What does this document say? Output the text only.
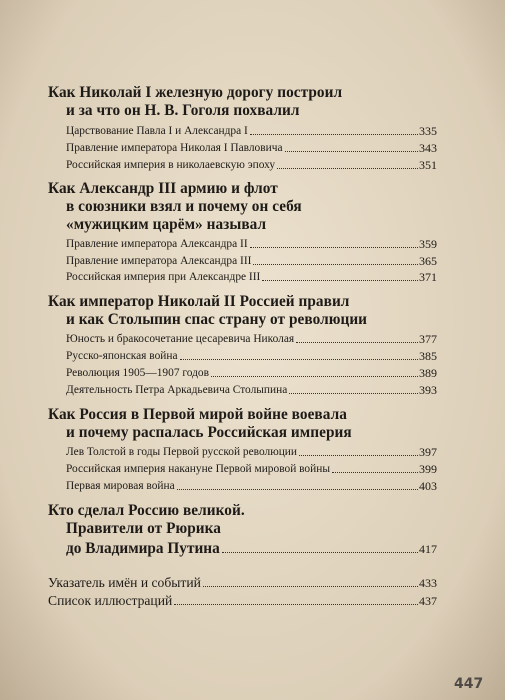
Как Николай I железную дорогу построил
и за что он Н. В. Гоголя похвалил
Царствование Павла I и Александра I	335
Правление императора Николая I Павловича	343
Российская империя в николаевскую эпоху	351
Как Александр III армию и флот
в союзники взял и почему он себя
«мужицким царём» называл
Правление императора Александра II	359
Правление императора Александра III	365
Российская империя при Александре III	371
Как император Николай II Россией правил
и как Столыпин спас страну от революции
Юность и бракосочетание цесаревича Николая	377
Русско-японская война	385
Революция 1905—1907 годов	389
Деятельность Петра Аркадьевича Столыпина	393
Как Россия в Первой мирой войне воевала
и почему распалась Российская империя
Лев Толстой в годы Первой русской революции	397
Российская империя накануне Первой мировой войны	399
Первая мировая война	403
Кто сделал Россию великой.
Правители от Рюрика
до Владимира Путина	417
Указатель имён и событий	433
Список иллюстраций	437
447
